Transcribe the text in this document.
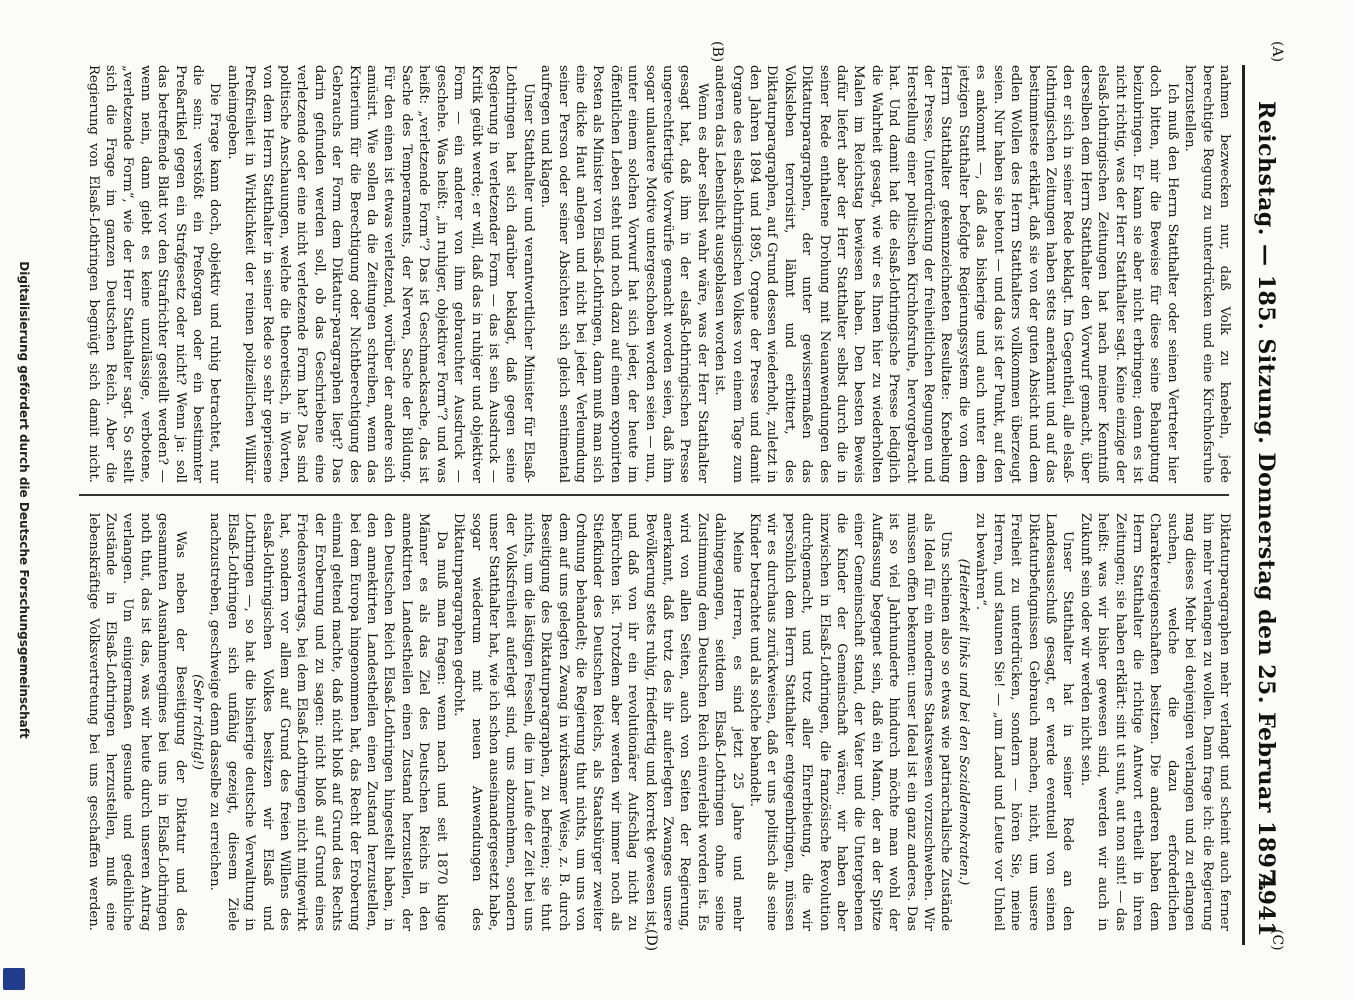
Digitalisierung gefördert durch die Deutsche Forschungsgemeinschaft	Reichstag. — 185. Sitzung. Donnerstag den 25. Februar 1897.
4941
(A)
(B)
(C)
(D)

nahmen bezwecken nur, daß Volk zu knebeln, jede berechtigte Regung zu unterdrücken und eine Kirchhofsruhe herzustellen.

Ich muß den Herrn Statthalter oder seinen Vertreter hier doch bitten, mir die Beweise für diese seine Behauptung beizubringen. Er kann sie aber nicht erbringen; denn es ist nicht richtig, was der Herr Statthalter sagt. Keine einzige der elsaß-lothringischen Zeitungen hat nach meiner Kenntniß derselben dem Herrn Statthalter den Vorwurf gemacht, über den er sich in seiner Rede beklagt. Im Gegentheil, alle elsaß-lothringischen Zeitungen haben stets anerkannt und auf das bestimmteste erklärt, daß sie von der guten Absicht und dem edlen Wollen des Herrn Statthalters vollkommen überzeugt seien. Nur haben sie betont — und das ist der Punkt, auf den es ankommt —, daß das bisherige und auch unter dem jetzigen Statthalter befolgte Regierungssystem die von dem Herrn Statthalter gekennzeichneten Resultate: Knebelung der Presse, Unterdrückung der freiheitlichen Regungen und Herstellung einer politischen Kirchhofsruhe, hervorgebracht hat. Und damit hat die elsaß-lothringische Presse lediglich die Wahrheit gesagt, wie wir es Ihnen hier zu wiederholten Malen im Reichstag bewiesen haben. Den besten Beweis dafür liefert aber der Herr Statthalter selbst durch die in seiner Rede enthaltene Drohung mit Neuanwendungen des Diktaturparagraphen, der unter gewissermaßen das Volksleben terrorisirt, lähmt und erbittert, des Diktaturparagraphen, auf Grund dessen wiederholt, zuletzt in den Jahren 1894 und 1895, Organe der Presse und damit Organe des elsaß-lothringischen Volkes von einem Tage zum anderen das Lebenslicht ausgeblasen worden ist.

Wenn es aber selbst wahr wäre, was der Herr Statthalter gesagt hat, daß ihm in der elsaß-lothringischen Presse ungerechtfertigte Vorwürfe gemacht worden seien, daß ihm sogar unlautere Motive untergeschoben worden seien — nun, unter einem solchen Vorwurf hat sich jeder, der heute im öffentlichen Leben steht und noch dazu auf einem exponirten Posten als Minister von Elsaß-Lothringen, dann muß man sich eine dicke Haut anlegen und nicht bei jeder Verleumdung seiner Person oder seiner Absichten sich gleich sentimental aufregen und klagen.

Unser Statthalter und verantwortlicher Minister für Elsaß-Lothringen hat sich darüber beklagt, daß gegen seine Regierung in verletzender Form — das ist sein Ausdruck — Kritik geübt werde; er will, daß das in ruhiger und objektiver Form — ein anderer von ihm gebrauchter Ausdruck — geschehe. Was heißt: „in ruhiger, objektiver Form“? und was heißt: „verletzende Form“? Das ist Geschmacksache, das ist Sache des Temperaments, der Nerven, Sache der Bildung. Für den einen ist etwas verletzend, worüber der andere sich amüsirt. Wie sollen da die Zeitungen schreiben, wenn das Kriterium für die Berechtigung oder Nichtberechtigung des Gebrauchs der Form dem Diktatur-paragraphen liegt? Das darin gefunden werden soll, ob das Geschriebene eine verletzende oder eine nicht verletzende Form hat? Das sind politische Anschauungen, welche die theoretisch, in Worten, von dem Herrn Statthalter in seiner Rede so sehr gepriesene Preßfreiheit in Wirklichkeit der reinen polizeilichen Willkür anheimgeben.

Die Frage kann doch, objektiv und ruhig betrachtet, nur die sein: verstößt ein Preßorgan oder ein bestimmter Preßartikel gegen ein Strafgesetz oder nicht? Wenn ja: soll das betreffende Blatt vor den Strafrichter gestellt werden? — wenn nein, dann giebt es keine unzulässige, verbotene, „verletzende Form“, wie der Herr Statthalter sagt. So stellt sich die Frage im ganzen Deutschen Reich. Aber die Regierung von Elsaß-Lothringen begnügt sich damit nicht.

Diktaturparagraphen mehr verlangt und scheint auch ferner hin mehr verlangen zu wollen. Dann frage ich: die Regierung mag dieses Mehr bei denjenigen verlangen und zu erlangen suchen, welche die dazu erforderlichen Charaktereigenschaften besitzen. Die anderen haben dem Herrn Statthalter die richtige Antwort ertheilt in ihren Zeitungen; sie haben erklärt: sint ut sunt, aut non sint! — das heißt: was wir bisher gewesen sind, werden wir auch in Zukunft sein oder wir werden nicht sein.

Unser Statthalter hat in seiner Rede an den Landesausschuß gesagt, er werde eventuell von seinen Diktaturbefugnissen Gebrauch machen, nicht, um unsere Freiheit zu unterdrücken, sondern — hören Sie, meine Herren, und staunen Sie! — „um Land und Leute vor Unheil zu bewahren“.

(Heiterkeit links und bei den Sozialdemokraten.)

Uns scheinen also so etwas wie patriarchalische Zustände als Ideal für ein modernes Staatswesen vorzuschweben. Wir müssen offen bekennen: unser Ideal ist ein ganz anderes. Das ist so viel Jahrhunderte hindurch möchte man wohl der Auffassung begegnet sein, daß ein Mann, der an der Spitze einer Gemeinschaft stand, der Vater und die Untergebenen die Kinder der Gemeinschaft wären; wir haben aber inzwischen in Elsaß-Lothringen, die französische Revolution durchgemacht, und trotz aller Ehrerbietung, die wir persönlich dem Herrn Statthalter entgegenbringen, müssen wir es durchaus zurückweisen, daß er uns politisch als seine Kinder betrachtet und als solche behandelt.

Meine Herren, es sind jetzt 25 Jahre und mehr dahingegangen, seitdem Elsaß-Lothringen ohne seine Zustimmung dem Deutschen Reich einverleibt worden ist. Es wird von allen Seiten, auch von Seiten der Regierung, anerkannt, daß trotz des ihr auferlegten Zwanges unsere Bevölkerung stets ruhig, friedfertig und korrekt gewesen ist, und daß von ihr ein revolutionärer Aufschlag nicht zu befürchten ist. Trotzdem aber werden wir immer noch als Stiefkinder des Deutschen Reichs, als Staatsbürger zweiter Ordnung behandelt; die Regierung thut nichts, um uns von dem auf uns gelegten Zwang in wirksamer Weise, z. B. durch Beseitigung des Diktaturparagraphen, zu befreien; sie thut nichts, um die lästigen Fesseln, die im Laufe der Zeit bei uns der Volksfreiheit auferlegt sind, uns abzunehmen, sondern unser Statthalter hat, wie ich schon auseinandergesetzt habe, sogar wiederum mit neuen Anwendungen des Diktaturparagraphen gedroht.

Da muß man fragen: wenn nach und seit 1870 kluge Männer es als das Ziel des Deutschen Reichs in den annektirten Landestheilen einen Zustand herzustellen, der den Deutschen Reich Elsaß-Lothringen hingestellt haben, in den annektirten Landestheilen einen Zustand herzustellen, bei dem Europa hingenommen hat, das Recht der Eroberung einmal geltend machte, daß nicht bloß auf Grund des Rechts der Eroberung und zu sagen: nicht bloß auf Grund eines Friedensvertrags, bei dem Elsaß-Lothringen nicht mitgewirkt hat, sondern vor allem auf Grund des freien Willens des elsaß-lothringischen Volkes besitzen wir Elsaß und Lothringen —, so hat die bisherige deutsche Verwaltung in Elsaß-Lothringen sich unfähig gezeigt, diesem Ziele nachzustreben, geschweige denn dasselbe zu erreichen.

(Sehr richtig!)

Was neben der Beseitigung der Diktatur und des gesammten Ausnahmeregimes bei uns in Elsaß-Lothringen noth thut, das ist das, was wir heute durch unseren Antrag verlangen. Um einigermaßen gesunde und gedeihliche Zustände in Elsaß-Lothringen herzustellen, muß eine lebenskräftige Volksvertretung bei uns geschaffen werden.
